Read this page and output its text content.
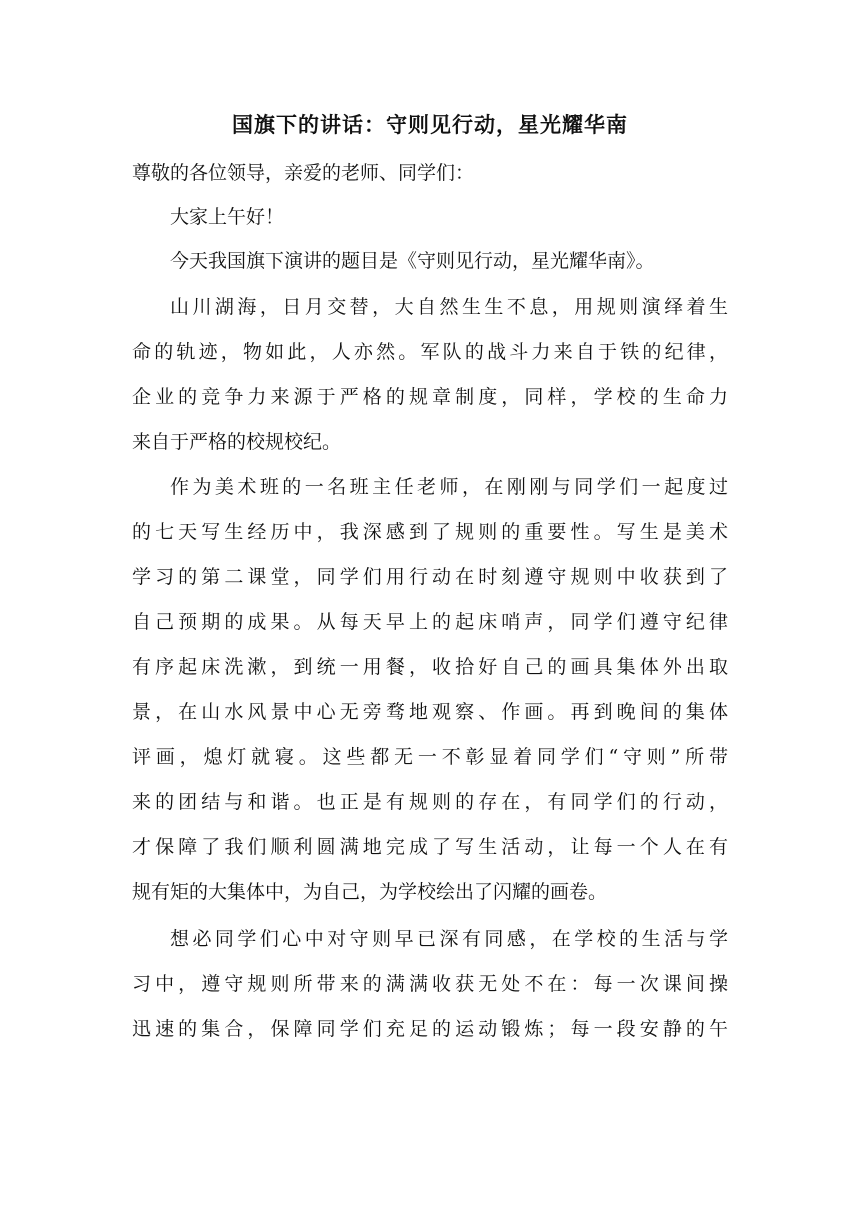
国旗下的讲话：守则见行动，星光耀华南

尊敬的各位领导，亲爱的老师、同学们：

大家上午好！

今天我国旗下演讲的题目是《守则见行动，星光耀华南》。

山川湖海，日月交替，大自然生生不息，用规则演绎着生

命的轨迹，物如此，人亦然。军队的战斗力来自于铁的纪律，

企业的竞争力来源于严格的规章制度，同样，学校的生命力

来自于严格的校规校纪。

作为美术班的一名班主任老师，在刚刚与同学们一起度过

的七天写生经历中，我深感到了规则的重要性。写生是美术

学习的第二课堂，同学们用行动在时刻遵守规则中收获到了

自己预期的成果。从每天早上的起床哨声，同学们遵守纪律

有序起床洗漱，到统一用餐，收拾好自己的画具集体外出取

景，在山水风景中心无旁骛地观察、作画。再到晚间的集体

评画，熄灯就寝。这些都无一不彰显着同学们“守则”所带

来的团结与和谐。也正是有规则的存在，有同学们的行动，

才保障了我们顺利圆满地完成了写生活动，让每一个人在有

规有矩的大集体中，为自己，为学校绘出了闪耀的画卷。

想必同学们心中对守则早已深有同感，在学校的生活与学

习中，遵守规则所带来的满满收获无处不在：每一次课间操

迅速的集合，保障同学们充足的运动锻炼；每一段安静的午
